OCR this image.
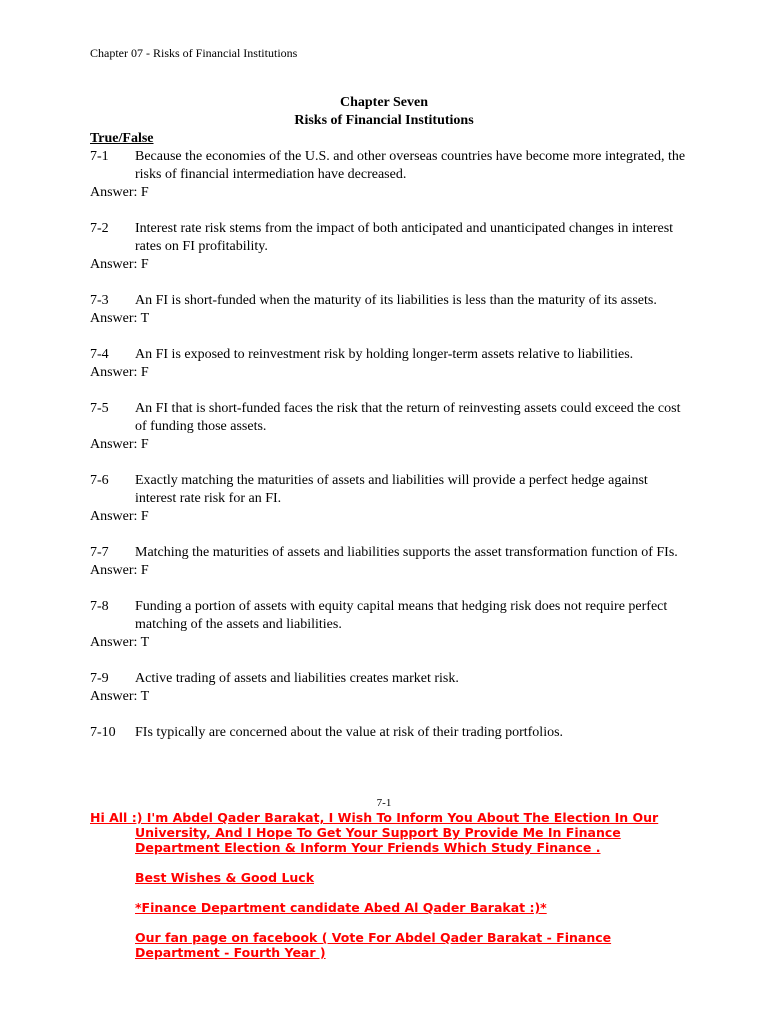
Chapter 07 - Risks of Financial Institutions
Chapter Seven
Risks of Financial Institutions
True/False
7-1	Because the economies of the U.S. and other overseas countries have become more integrated, the risks of financial intermediation have decreased.
Answer: F
7-2	Interest rate risk stems from the impact of both anticipated and unanticipated changes in interest rates on FI profitability.
Answer: F
7-3	An FI is short-funded when the maturity of its liabilities is less than the maturity of its assets.
Answer: T
7-4	An FI is exposed to reinvestment risk by holding longer-term assets relative to liabilities.
Answer: F
7-5	An FI that is short-funded faces the risk that the return of reinvesting assets could exceed the cost of funding those assets.
Answer: F
7-6	Exactly matching the maturities of assets and liabilities will provide a perfect hedge against interest rate risk for an FI.
Answer: F
7-7	Matching the maturities of assets and liabilities supports the asset transformation function of FIs.
Answer: F
7-8	Funding a portion of assets with equity capital means that hedging risk does not require perfect matching of the assets and liabilities.
Answer: T
7-9	Active trading of assets and liabilities creates market risk.
Answer: T
7-10	FIs typically are concerned about the value at risk of their trading portfolios.
7-1

Hi All :) I'm Abdel Qader Barakat, I Wish To Inform You About The Election In Our University, And I Hope To Get Your Support By Provide Me In Finance Department Election & Inform Your Friends Which Study Finance .

Best Wishes & Good Luck

*Finance Department candidate Abed Al Qader Barakat :)*

Our fan page on facebook ( Vote For Abdel Qader Barakat - Finance Department - Fourth Year )
